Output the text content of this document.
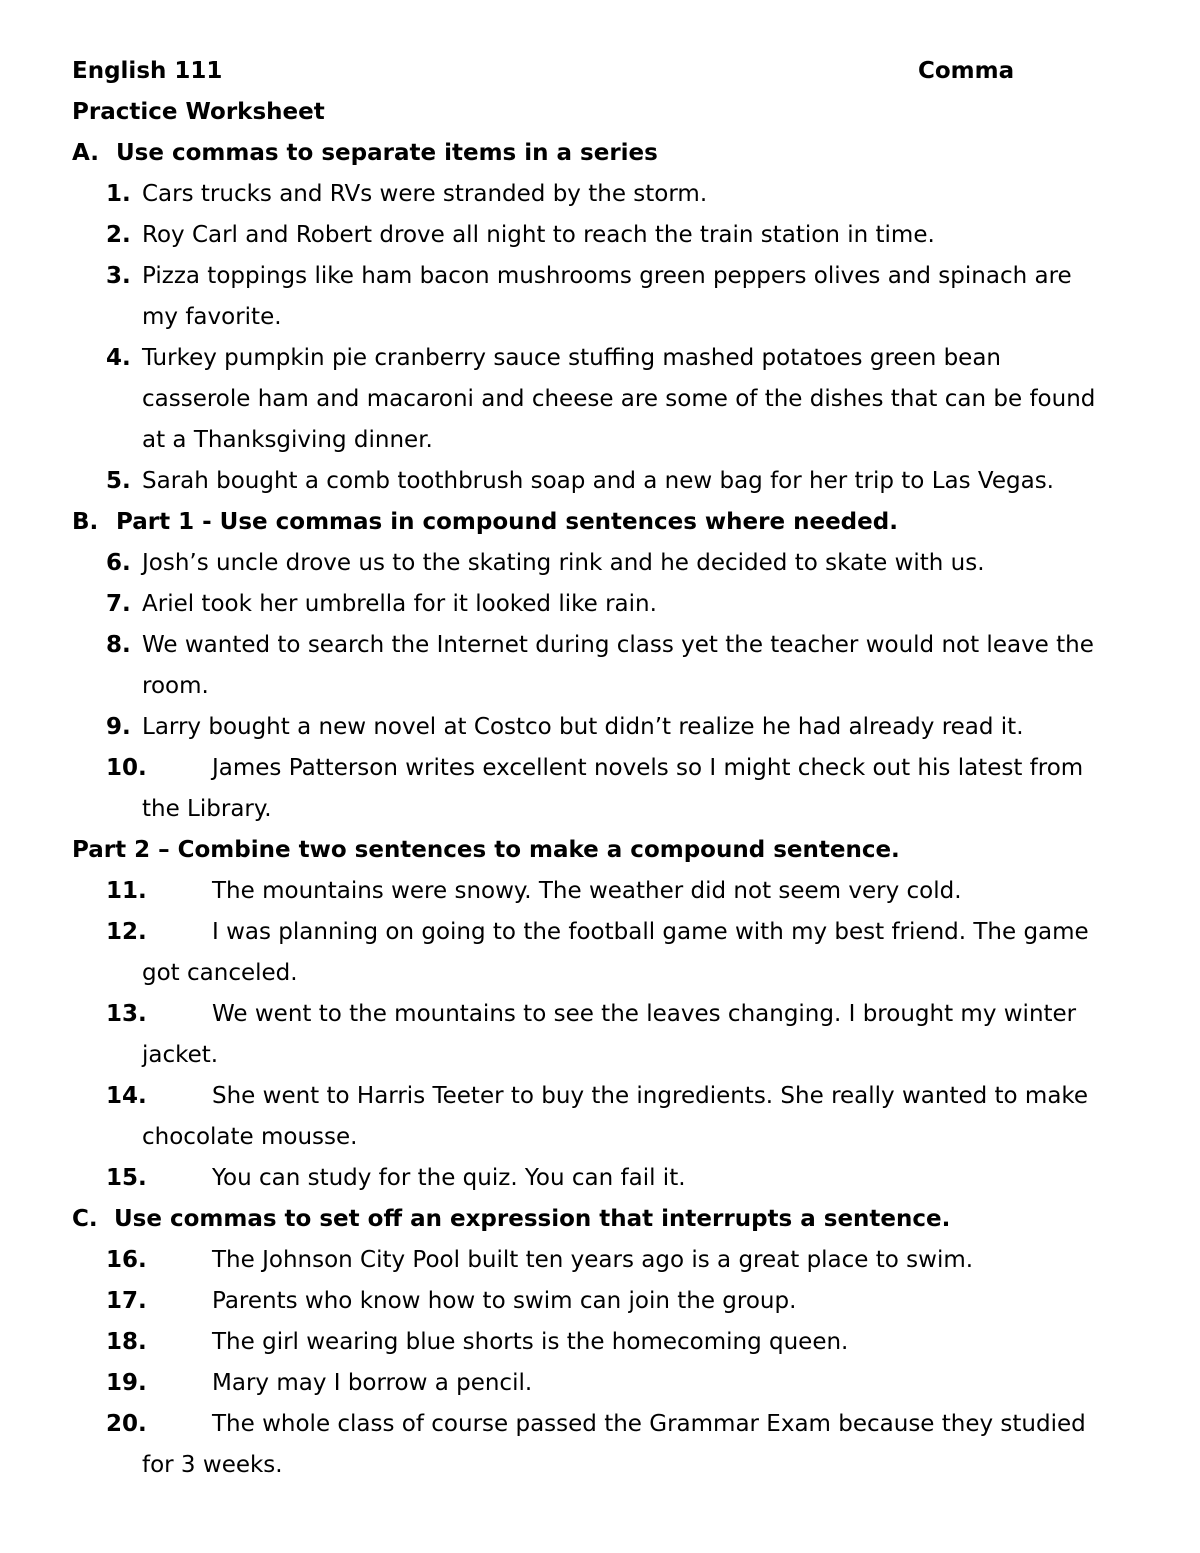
English 111	Comma
Practice Worksheet
A. Use commas to separate items in a series
1. Cars trucks and RVs were stranded by the storm.
2. Roy Carl and Robert drove all night to reach the train station in time.
3. Pizza toppings like ham bacon mushrooms green peppers olives and spinach are
my favorite.
4. Turkey pumpkin pie cranberry sauce stuffing mashed potatoes green bean
casserole ham and macaroni and cheese are some of the dishes that can be found
at a Thanksgiving dinner.
5. Sarah bought a comb toothbrush soap and a new bag for her trip to Las Vegas.
B. Part 1 - Use commas in compound sentences where needed.
6. Josh’s uncle drove us to the skating rink and he decided to skate with us.
7. Ariel took her umbrella for it looked like rain.
8. We wanted to search the Internet during class yet the teacher would not leave the
room.
9. Larry bought a new novel at Costco but didn’t realize he had already read it.
10.	James Patterson writes excellent novels so I might check out his latest from
the Library.
Part 2 – Combine two sentences to make a compound sentence.
11.	The mountains were snowy. The weather did not seem very cold.
12.	I was planning on going to the football game with my best friend. The game
got canceled.
13.	We went to the mountains to see the leaves changing. I brought my winter
jacket.
14.	She went to Harris Teeter to buy the ingredients. She really wanted to make
chocolate mousse.
15.	You can study for the quiz. You can fail it.
C. Use commas to set off an expression that interrupts a sentence.
16.	The Johnson City Pool built ten years ago is a great place to swim.
17.	Parents who know how to swim can join the group.
18.	The girl wearing blue shorts is the homecoming queen.
19.	Mary may I borrow a pencil.
20.	The whole class of course passed the Grammar Exam because they studied
for 3 weeks.
